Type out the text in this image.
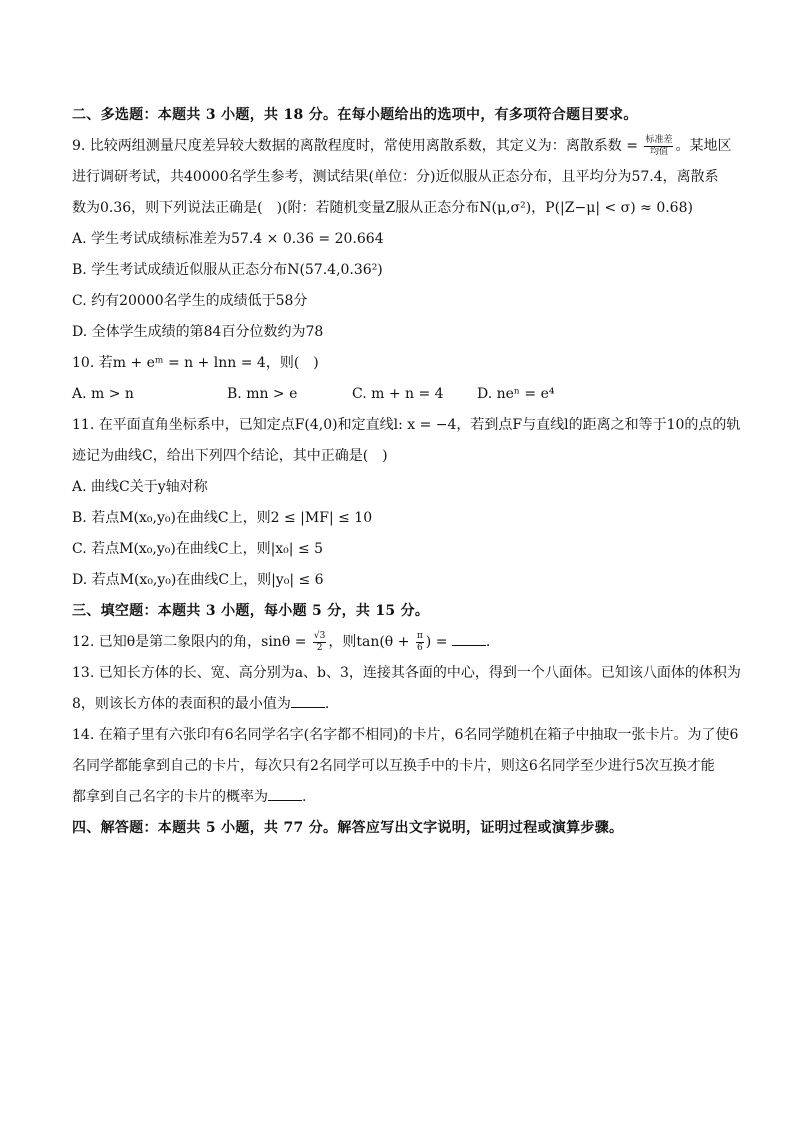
二、多选题：本题共 3 小题，共 18 分。在每小题给出的选项中，有多项符合题目要求。
9. 比较两组测量尺度差异较大数据的离散程度时，常使用离散系数，其定义为：离散系数 = $\frac{\text{标准差}}{\text{均值}}$ 。某地区
进行调研考试，共40000名学生参考，测试结果(单位：分)近似服从正态分布，且平均分为57.4，离散系
数为0.36，则下列说法正确是(　)(附：若随机变量Z服从正态分布N(μ,σ²)，P(|Z−μ| < σ) ≈ 0.68)
A. 学生考试成绩标准差为57.4 × 0.36 = 20.664
B. 学生考试成绩近似服从正态分布N(57.4,0.36²)
C. 约有20000名学生的成绩低于58分
D. 全体学生成绩的第84百分位数约为78
10. 若m + eᵐ = n + lnn = 4，则(　)
A. m > n	B. mn > e	C. m + n = 4	D. neⁿ = e⁴
11. 在平面直角坐标系中，已知定点F(4,0)和定直线l: x = −4，若到点F与直线l的距离之和等于10的点的轨
迹记为曲线C，给出下列四个结论，其中正确是(　)
A. 曲线C关于y轴对称
B. 若点M(x₀,y₀)在曲线C上，则2 ≤ |MF| ≤ 10
C. 若点M(x₀,y₀)在曲线C上，则|x₀| ≤ 5
D. 若点M(x₀,y₀)在曲线C上，则|y₀| ≤ 6
三、填空题：本题共 3 小题，每小题 5 分，共 15 分。
12. 已知θ是第二象限内的角，$\sin\theta = \frac{√3}{2}$ ，则$\tan(\theta + \frac{\pi}{6}$ ) = .
13. 已知长方体的长、宽、高分别为a、b、3，连接其各面的中心，得到一个八面体。已知该八面体的体积为
8，则该长方体的表面积的最小值为 .
14. 在箱子里有六张印有6名同学名字(名字都不相同)的卡片，6名同学随机在箱子中抽取一张卡片。为了使6
名同学都能拿到自己的卡片，每次只有2名同学可以互换手中的卡片，则这6名同学至少进行5次互换才能
都拿到自己名字的卡片的概率为 .
四、解答题：本题共 5 小题，共 77 分。解答应写出文字说明，证明过程或演算步骤。
